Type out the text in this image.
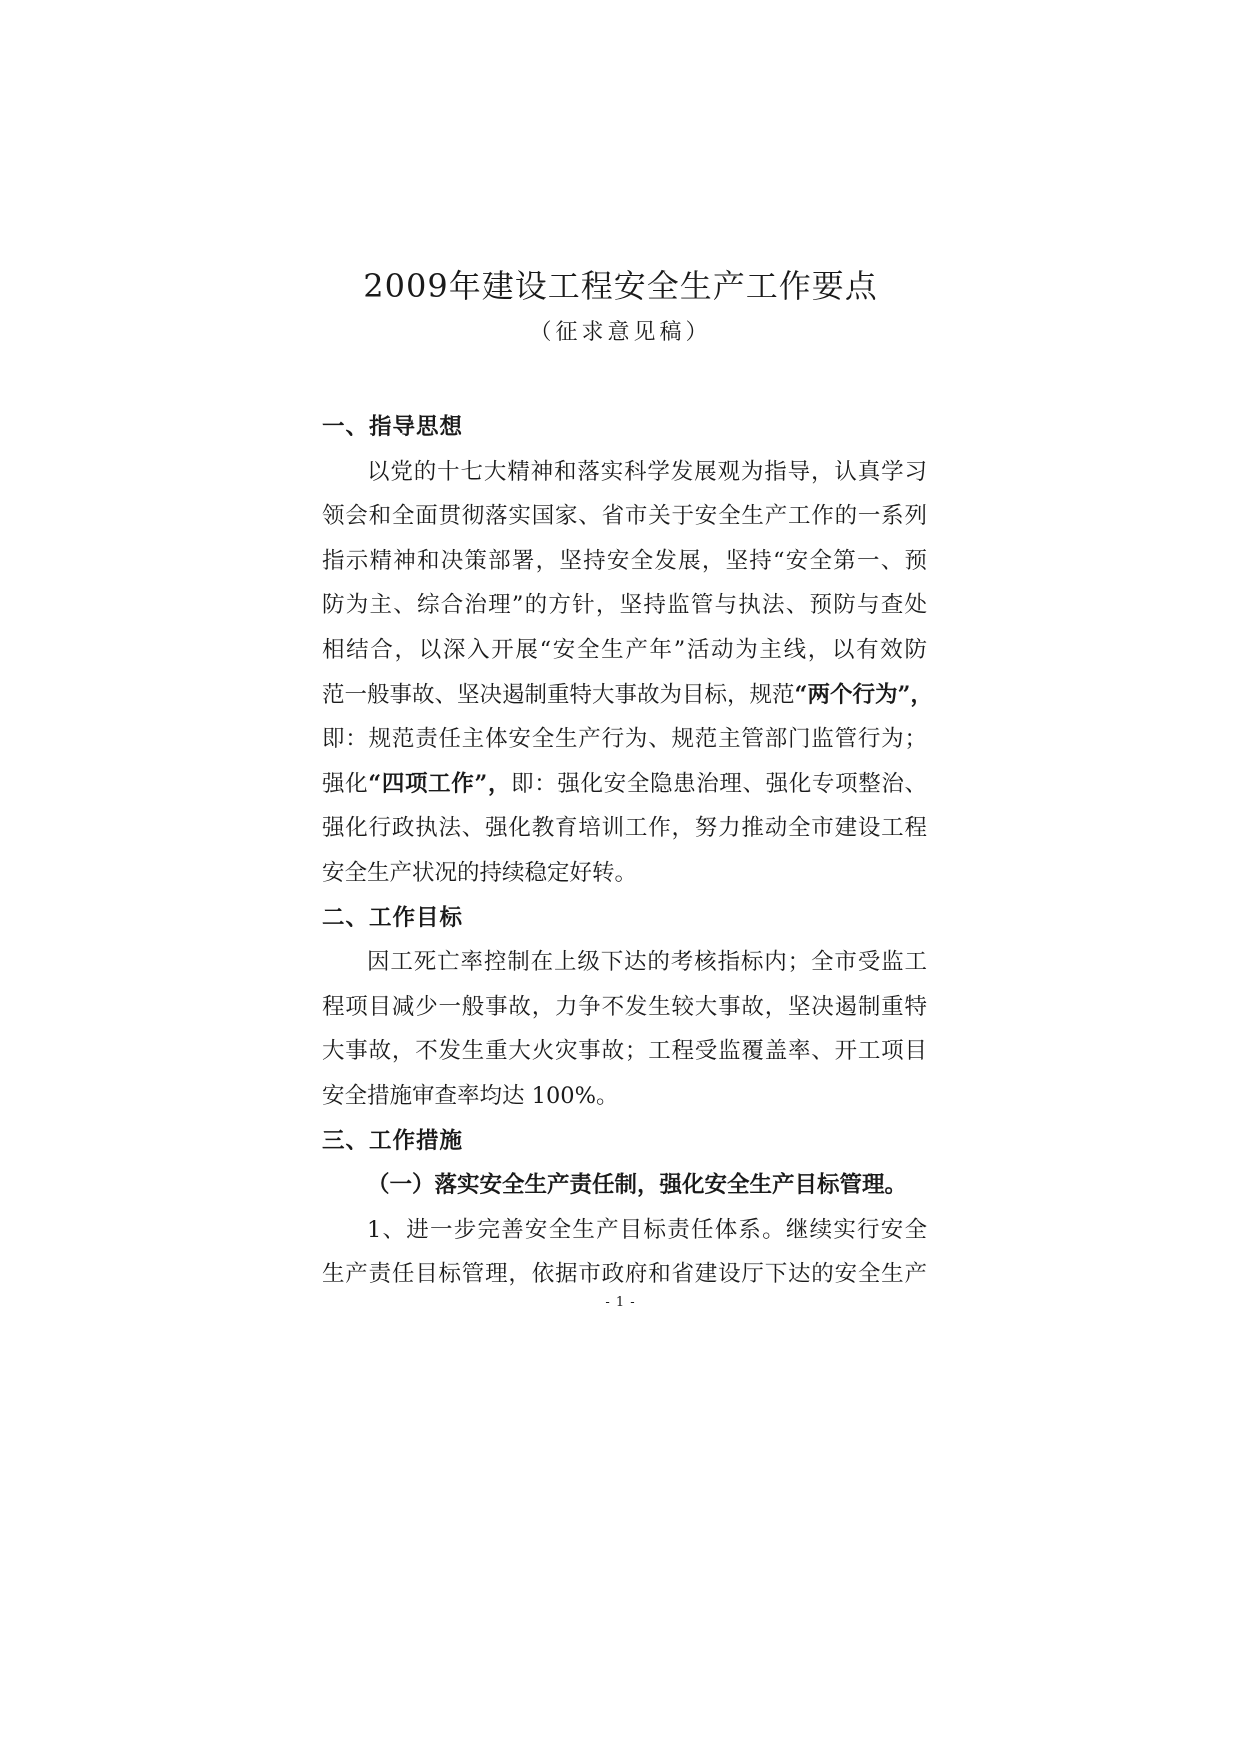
2009年建设工程安全生产工作要点
（征求意见稿）
一、指导思想
以党的十七大精神和落实科学发展观为指导，认真学习
领会和全面贯彻落实国家、省市关于安全生产工作的一系列
指示精神和决策部署，坚持安全发展，坚持“安全第一、预
防为主、综合治理”的方针，坚持监管与执法、预防与查处
相结合，以深入开展“安全生产年”活动为主线，以有效防
范一般事故、坚决遏制重特大事故为目标，规范“两个行为”，
即：规范责任主体安全生产行为、规范主管部门监管行为；
强化“四项工作”，即：强化安全隐患治理、强化专项整治、
强化行政执法、强化教育培训工作，努力推动全市建设工程
安全生产状况的持续稳定好转。
二、工作目标
因工死亡率控制在上级下达的考核指标内；全市受监工
程项目减少一般事故，力争不发生较大事故，坚决遏制重特
大事故，不发生重大火灾事故；工程受监覆盖率、开工项目
安全措施审查率均达 100%。
三、工作措施
（一）落实安全生产责任制，强化安全生产目标管理。
1、进一步完善安全生产目标责任体系。继续实行安全
生产责任目标管理，依据市政府和省建设厅下达的安全生产
- 1 -
